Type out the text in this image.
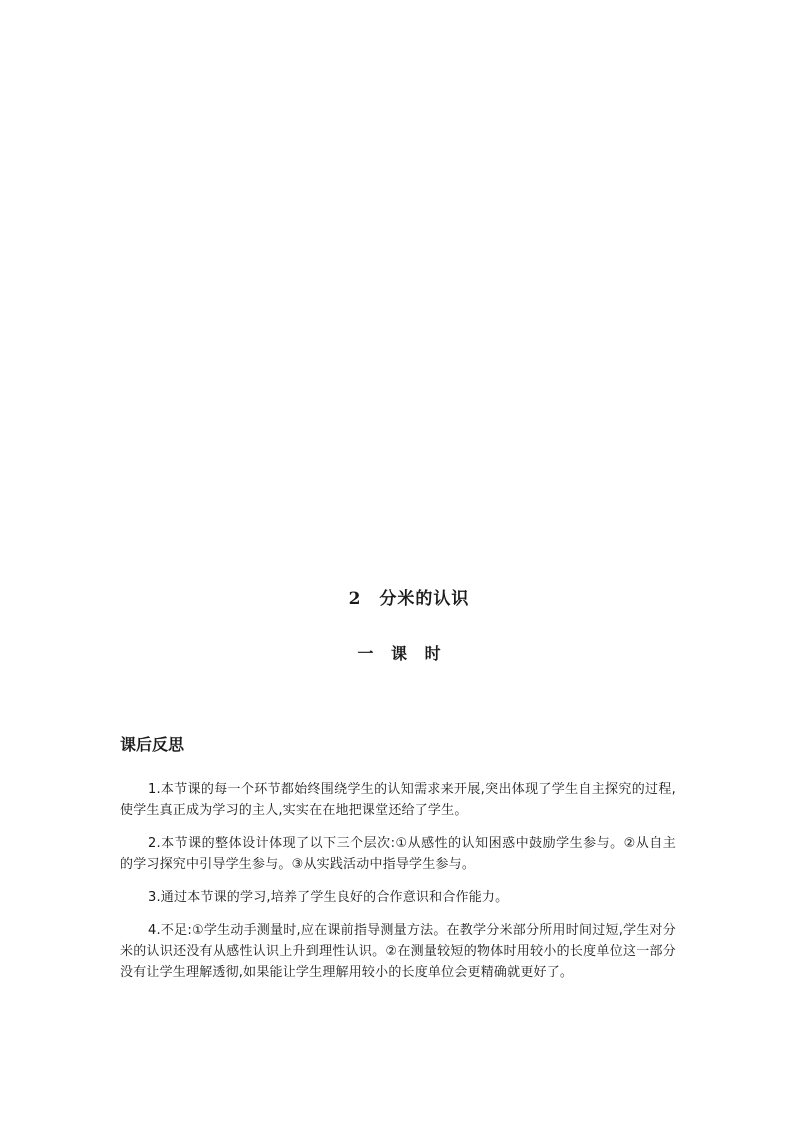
2 分米的认识
一 课 时
课后反思

1.本节课的每一个环节都始终围绕学生的认知需求来开展,突出体现了学生自主探究的过程,使学生真正成为学习的主人,实实在在地把课堂还给了学生。

2.本节课的整体设计体现了以下三个层次:①从感性的认知困惑中鼓励学生参与。②从自主的学习探究中引导学生参与。③从实践活动中指导学生参与。

3.通过本节课的学习,培养了学生良好的合作意识和合作能力。

4.不足:①学生动手测量时,应在课前指导测量方法。在教学分米部分所用时间过短,学生对分米的认识还没有从感性认识上升到理性认识。②在测量较短的物体时用较小的长度单位这一部分没有让学生理解透彻,如果能让学生理解用较小的长度单位会更精确就更好了。
